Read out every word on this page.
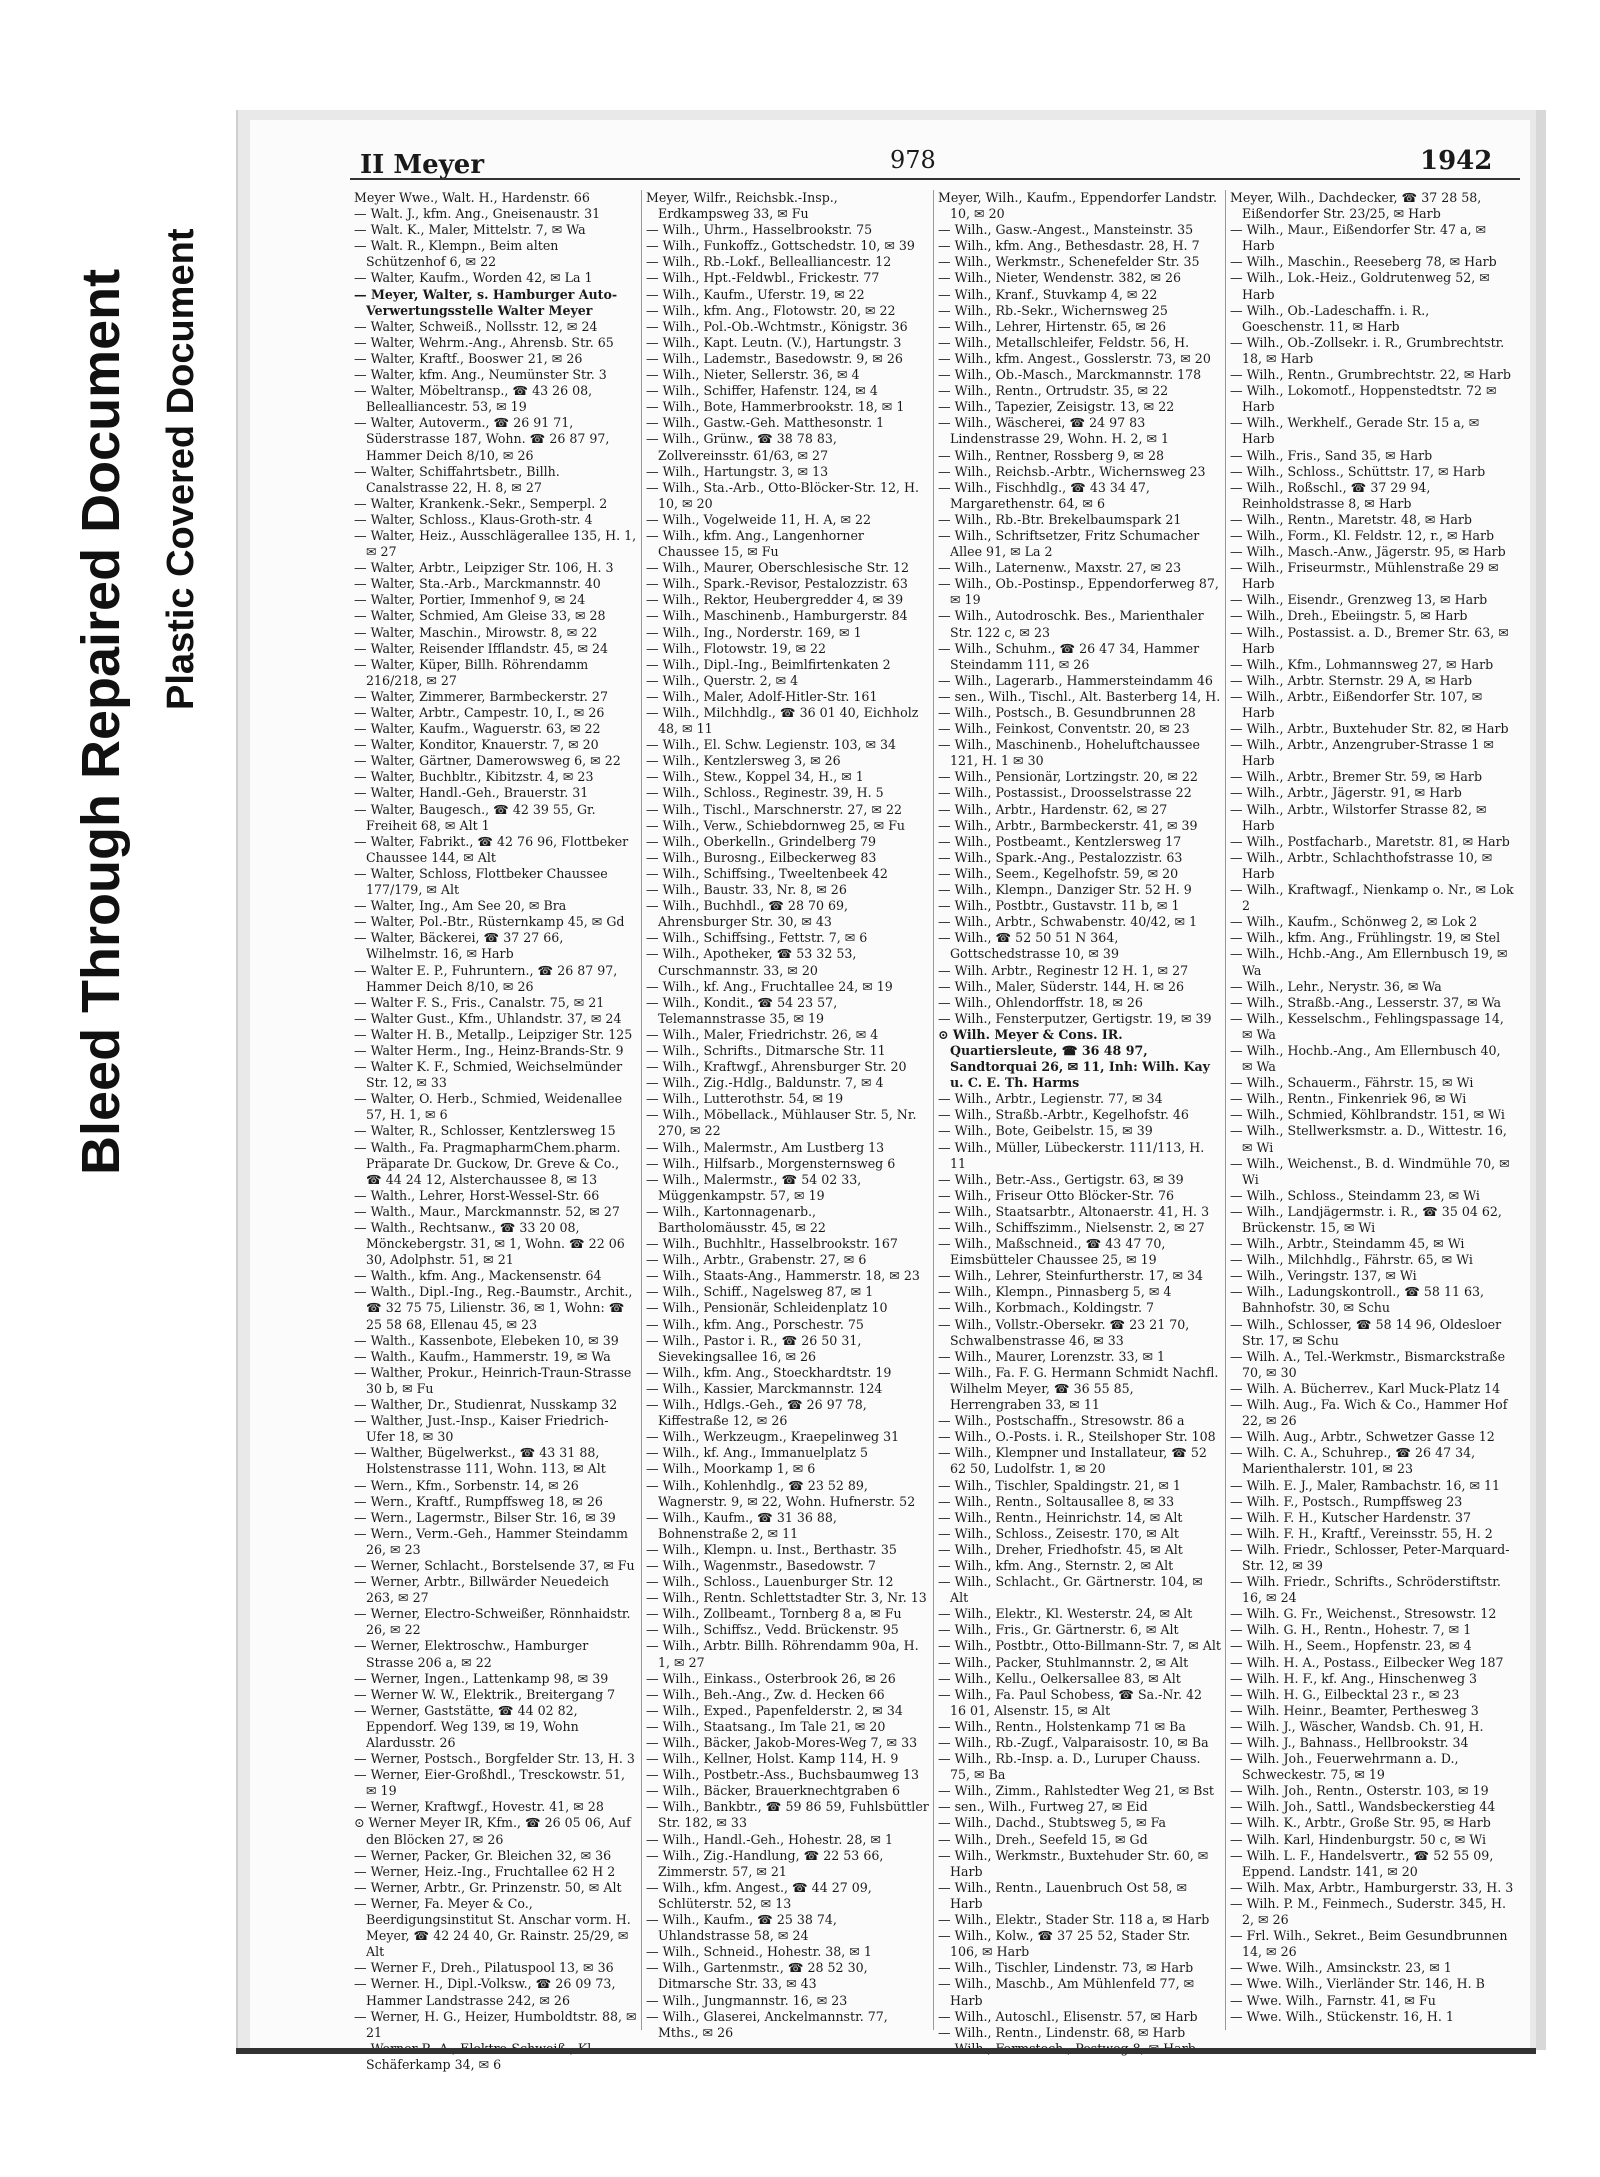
Bleed Through Repaired Document Plastic Covered Document
II Meyer	978	1942

Meyer Wwe., Walt. H., Hardenstr. 66

— Walt. J., kfm. Ang., Gneisenaustr. 31

— Walt. K., Maler, Mittelstr. 7, ✉ Wa

— Walt. R., Klempn., Beim alten Schützenhof 6, ✉ 22

— Walter, Kaufm., Worden 42, ✉ La 1

— Meyer, Walter, s. Hamburger Auto-Verwertungsstelle Walter Meyer

— Walter, Schweiß., Nollsstr. 12, ✉ 24

— Walter, Wehrm.-Ang., Ahrensb. Str. 65

— Walter, Kraftf., Booswег 21, ✉ 26

— Walter, kfm. Ang., Neumünster Str. 3

— Walter, Möbeltransp., ☎ 43 26 08, Bellealliancestr. 53, ✉ 19

— Walter, Autoverm., ☎ 26 91 71, Süderstrasse 187, Wohn. ☎ 26 87 97, Hammer Deich 8/10, ✉ 26

— Walter, Schiffahrtsbetr., Billh. Canalstrasse 22, H. 8, ✉ 27

— Walter, Krankenk.-Sekr., Semperpl. 2

— Walter, Schloss., Klaus-Groth-str. 4

— Walter, Heiz., Ausschlägerallee 135, H. 1, ✉ 27

— Walter, Arbtr., Leipziger Str. 106, H. 3

— Walter, Sta.-Arb., Marckmannstr. 40

— Walter, Portier, Immenhof 9, ✉ 24

— Walter, Schmied, Am Gleise 33, ✉ 28

— Walter, Maschin., Mirowstr. 8, ✉ 22

— Walter, Reisender Ifflandstr. 45, ✉ 24

— Walter, Küper, Billh. Röhrendamm 216/218, ✉ 27

— Walter, Zimmerer, Barmbeckerstr. 27

— Walter, Arbtr., Campestr. 10, I., ✉ 26

— Walter, Kaufm., Waguerstr. 63, ✉ 22

— Walter, Konditor, Knauerstr. 7, ✉ 20

— Walter, Gärtner, Damerowsweg 6, ✉ 22

— Walter, Buchbltr., Kibitzstr. 4, ✉ 23

— Walter, Handl.-Geh., Brauerstr. 31

— Walter, Baugesch., ☎ 42 39 55, Gr. Freiheit 68, ✉ Alt 1

— Walter, Fabrikt., ☎ 42 76 96, Flottbeker Chaussee 144, ✉ Alt

— Walter, Schloss, Flottbeker Chaussee 177/179, ✉ Alt

— Walter, Ing., Am See 20, ✉ Bra

— Walter, Pol.-Btr., Rüsternkamp 45, ✉ Gd

— Walter, Bäckerei, ☎ 37 27 66, Wilhelmstr. 16, ✉ Harb

— Walter E. P., Fuhruntern., ☎ 26 87 97, Hammer Deich 8/10, ✉ 26

— Walter F. S., Fris., Canalstr. 75, ✉ 21

— Walter Gust., Kfm., Uhlandstr. 37, ✉ 24

— Walter H. B., Metallp., Leipziger Str. 125

— Walter Herm., Ing., Heinz-Brands-Str. 9

— Walter K. F., Schmied, Weichselmünder Str. 12, ✉ 33

— Walter, O. Herb., Schmied, Weidenallee 57, H. 1, ✉ 6

— Walter, R., Schlosser, Kentzlersweg 15

— Walth., Fa. PragmapharmChem.pharm. Präparate Dr. Guckow, Dr. Greve & Co., ☎ 44 24 12, Alsterchaussee 8, ✉ 13

— Walth., Lehrer, Horst-Wessel-Str. 66

— Walth., Maur., Marckmannstr. 52, ✉ 27

— Walth., Rechtsanw., ☎ 33 20 08, Mönckebergstr. 31, ✉ 1, Wohn. ☎ 22 06 30, Adolphstr. 51, ✉ 21

— Walth., kfm. Ang., Mackensenstr. 64

— Walth., Dipl.-Ing., Reg.-Baumstr., Archit., ☎ 32 75 75, Lilienstr. 36, ✉ 1, Wohn: ☎ 25 58 68, Ellenau 45, ✉ 23

— Walth., Kassenbote, Elebeken 10, ✉ 39

— Walth., Kaufm., Hammerstr. 19, ✉ Wa

— Walther, Prokur., Heinrich-Traun-Strasse 30 b, ✉ Fu

— Walther, Dr., Studienrat, Nusskamp 32

— Walther, Just.-Insp., Kaiser Friedrich-Ufer 18, ✉ 30

— Walther, Bügelwerkst., ☎ 43 31 88, Holstenstrasse 111, Wohn. 113, ✉ Alt

— Wern., Kfm., Sorbenstr. 14, ✉ 26

— Wern., Kraftf., Rumpffsweg 18, ✉ 26

— Wern., Lagermstr., Bilser Str. 16, ✉ 39

— Wern., Verm.-Geh., Hammer Steindamm 26, ✉ 23

— Werner, Schlacht., Borstelsende 37, ✉ Fu

— Werner, Arbtr., Billwärder Neuedeich 263, ✉ 27

— Werner, Electro-Schweißer, Rönnhaidstr. 26, ✉ 22

— Werner, Elektroschw., Hamburger Strasse 206 a, ✉ 22

— Werner, Ingen., Lattenkamp 98, ✉ 39

— Werner W. W., Elektrik., Breitergang 7

— Werner, Gaststätte, ☎ 44 02 82, Eppendorf. Weg 139, ✉ 19, Wohn Alardusstr. 26

— Werner, Postsch., Borgfelder Str. 13, H. 3

— Werner, Eier-Großhdl., Tresckowstr. 51, ✉ 19

— Werner, Kraftwgf., Hovestr. 41, ✉ 28

⊙ Werner Meyer IR, Kfm., ☎ 26 05 06, Auf den Blöcken 27, ✉ 26

— Werner, Packer, Gr. Bleichen 32, ✉ 36

— Werner, Heiz.-Ing., Fruchtallee 62 H 2

— Werner, Arbtr., Gr. Prinzenstr. 50, ✉ Alt

— Werner, Fa. Meyer & Co., Beerdigungsinstitut St. Anschar vorm. H. Meyer, ☎ 42 24 40, Gr. Rainstr. 25/29, ✉ Alt

— Werner F., Dreh., Pilatuspool 13, ✉ 36

— Werner. H., Dipl.-Volksw., ☎ 26 09 73, Hammer Landstrasse 242, ✉ 26

— Werner, H. G., Heizer, Humboldtstr. 88, ✉ 21

Schäferkamp 34, ✉ 6

Meyer, Wilfr., Reichsbk.-Insp., Erdkampsweg 33, ✉ Fu

— Wilh., Uhrm., Hasselbrookstr. 75

— Wilh., Funkoffz., Gottschedstr. 10, ✉ 39

— Wilh., Rb.-Lokf., Bellealliancestr. 12

— Wilh., Hpt.-Feldwbl., Frickestr. 77

— Wilh., Kaufm., Uferstr. 19, ✉ 22

— Wilh., kfm. Ang., Flotowstr. 20, ✉ 22

— Wilh., Pol.-Ob.-Wchtmstr., Königstr. 36

— Wilh., Kapt. Leutn. (V.), Hartungstr. 3

— Wilh., Lademstr., Basedowstr. 9, ✉ 26

— Wilh., Nieter, Sellerstr. 36, ✉ 4

— Wilh., Schiffer, Hafenstr. 124, ✉ 4

— Wilh., Bote, Hammerbrookstr. 18, ✉ 1

— Wilh., Gastw.-Geh. Matthesonstr. 1

— Wilh., Grünw., ☎ 38 78 83, Zollvereinsstr. 61/63, ✉ 27

— Wilh., Hartungstr. 3, ✉ 13

— Wilh., Sta.-Arb., Otto-Blöcker-Str. 12, H. 10, ✉ 20

— Wilh., Vogelweide 11, H. A, ✉ 22

— Wilh., kfm. Ang., Langenhorner Chaussee 15, ✉ Fu

— Wilh., Maurer, Oberschlesische Str. 12

— Wilh., Spark.-Revisor, Pestalozzistr. 63

— Wilh., Rektor, Heubergredder 4, ✉ 39

— Wilh., Maschinenb., Hamburgerstr. 84

— Wilh., Ing., Norderstr. 169, ✉ 1

— Wilh., Flotowstr. 19, ✉ 22

— Wilh., Dipl.-Ing., Beimlfirtenkaten 2

— Wilh., Querstr. 2, ✉ 4

— Wilh., Maler, Adolf-Hitler-Str. 161

— Wilh., Milchhdlg., ☎ 36 01 40, Eichholz 48, ✉ 11

— Wilh., El. Schw. Legienstr. 103, ✉ 34

— Wilh., Kentzlersweg 3, ✉ 26

— Wilh., Stew., Koppel 34, H., ✉ 1

— Wilh., Schloss., Reginestr. 39, H. 5

— Wilh., Tischl., Marschnerstr. 27, ✉ 22

— Wilh., Verw., Schiebdornweg 25, ✉ Fu

— Wilh., Oberkelln., Grindelberg 79

— Wilh., Burosng., Eilbeckerweg 83

— Wilh., Schiffsing., Tweeltenbeek 42

— Wilh., Baustr. 33, Nr. 8, ✉ 26

— Wilh., Buchhdl., ☎ 28 70 69, Ahrensburger Str. 30, ✉ 43

— Wilh., Schiffsing., Fettstr. 7, ✉ 6

— Wilh., Apotheker, ☎ 53 32 53, Curschmannstr. 33, ✉ 20

— Wilh., kf. Ang., Fruchtallee 24, ✉ 19

— Wilh., Kondit., ☎ 54 23 57, Telemannstrasse 35, ✉ 19

— Wilh., Maler, Friedrichstr. 26, ✉ 4

— Wilh., Schrifts., Ditmarsche Str. 11

— Wilh., Kraftwgf., Ahrensburger Str. 20

— Wilh., Zig.-Hdlg., Baldunstr. 7, ✉ 4

— Wilh., Lutterothstr. 54, ✉ 19

— Wilh., Möbellack., Mühlauser Str. 5, Nr. 270, ✉ 22

— Wilh., Malermstr., Am Lustberg 13

— Wilh., Hilfsarb., Morgensternsweg 6

— Wilh., Malermstr., ☎ 54 02 33, Müggenkampstr. 57, ✉ 19

— Wilh., Kartonnagenarb., Bartholomäusstr. 45, ✉ 22

— Wilh., Buchhltr., Hasselbrookstr. 167

— Wilh., Arbtr., Grabenstr. 27, ✉ 6

— Wilh., Staats-Ang., Hammerstr. 18, ✉ 23

— Wilh., Schiff., Nagelsweg 87, ✉ 1

— Wilh., Pensionär, Schleidenplatz 10

— Wilh., kfm. Ang., Porschestr. 75

— Wilh., Pastor i. R., ☎ 26 50 31, Sievekingsallee 16, ✉ 26

— Wilh., kfm. Ang., Stoeckhardtstr. 19

— Wilh., Kassier, Marckmannstr. 124

— Wilh., Hdlgs.-Geh., ☎ 26 97 78, Kiffestraße 12, ✉ 26

— Wilh., Werkzeugm., Kraepelinweg 31

— Wilh., kf. Ang., Immanuelplatz 5

— Wilh., Moorkamp 1, ✉ 6

— Wilh., Kohlenhdlg., ☎ 23 52 89, Wagnerstr. 9, ✉ 22, Wohn. Hufnerstr. 52

— Wilh., Kaufm., ☎ 31 36 88, Bohnenstraße 2, ✉ 11

— Wilh., Klempn. u. Inst., Berthastr. 35

— Wilh., Wagenmstr., Basedowstr. 7

— Wilh., Schloss., Lauenburger Str. 12

— Wilh., Rentn. Schlettstadter Str. 3, Nr. 13

— Wilh., Zollbeamt., Tornberg 8 a, ✉ Fu

— Wilh., Schiffsz., Vedd. Brückenstr. 95

— Wilh., Arbtr. Billh. Röhrendamm 90a, H. 1, ✉ 27

— Wilh., Einkass., Osterbrook 26, ✉ 26

— Wilh., Beh.-Ang., Zw. d. Hecken 66

— Wilh., Exped., Papenfelderstr. 2, ✉ 34

— Wilh., Staatsang., Im Tale 21, ✉ 20

— Wilh., Bäcker, Jakob-Mores-Weg 7, ✉ 33

— Wilh., Kellner, Holst. Kamp 114, H. 9

— Wilh., Postbetr.-Ass., Buchsbaumweg 13

— Wilh., Bäcker, Brauerknechtgraben 6

— Wilh., Bankbtr., ☎ 59 86 59, Fuhlsbüttler Str. 182, ✉ 33

— Wilh., Handl.-Geh., Hohestr. 28, ✉ 1

— Wilh., Zig.-Handlung, ☎ 22 53 66, Zimmerstr. 57, ✉ 21

— Wilh., kfm. Angest., ☎ 44 27 09, Schlüterstr. 52, ✉ 13

— Wilh., Kaufm., ☎ 25 38 74, Uhlandstrasse 58, ✉ 24

— Wilh., Schneid., Hohestr. 38, ✉ 1

— Wilh., Gartenmstr., ☎ 28 52 30, Ditmarsche Str. 33, ✉ 43

— Wilh., Jungmannstr. 16, ✉ 23

— Wilh., Glaserei, Anckelmannstr. 77, Mths., ✉ 26

Meyer, Wilh., Kaufm., Eppendorfer Landstr. 10, ✉ 20

— Wilh., Gasw.-Angest., Mansteinstr. 35

— Wilh., kfm. Ang., Bethesdastr. 28, H. 7

— Wilh., Werkmstr., Schenefelder Str. 35

— Wilh., Nieter, Wendenstr. 382, ✉ 26

— Wilh., Kranf., Stuvkamp 4, ✉ 22

— Wilh., Rb.-Sekr., Wichernsweg 25

— Wilh., Lehrer, Hirtenstr. 65, ✉ 26

— Wilh., Metallschleifer, Feldstr. 56, H.

— Wilh., kfm. Angest., Gosslerstr. 73, ✉ 20

— Wilh., Ob.-Masch., Marckmannstr. 178

— Wilh., Rentn., Ortrudstr. 35, ✉ 22

— Wilh., Tapezier, Zeisigstr. 13, ✉ 22

— Wilh., Wäscherei, ☎ 24 97 83 Lindenstrasse 29, Wohn. H. 2, ✉ 1

— Wilh., Rentner, Rossberg 9, ✉ 28

— Wilh., Reichsb.-Arbtr., Wichernsweg 23

— Wilh., Fischhdlg., ☎ 43 34 47, Margarethenstr. 64, ✉ 6

— Wilh., Rb.-Btr. Brekelbaumspark 21

— Wilh., Schriftsetzer, Fritz Schumacher Allee 91, ✉ La 2

— Wilh., Laternenw., Maxstr. 27, ✉ 23

— Wilh., Ob.-Postinsp., Eppendorferweg 87, ✉ 19

— Wilh., Autodroschk. Bes., Marienthaler Str. 122 c, ✉ 23

— Wilh., Schuhm., ☎ 26 47 34, Hammer Steindamm 111, ✉ 26

— Wilh., Lagerarb., Hammersteindamm 46

— sen., Wilh., Tischl., Alt. Basterberg 14, H.

— Wilh., Postsch., B. Gesundbrunnen 28

— Wilh., Feinkost, Conventstr. 20, ✉ 23

— Wilh., Maschinenb., Hoheluftchaussee 121, H. 1 ✉ 30

— Wilh., Pensionär, Lortzingstr. 20, ✉ 22

— Wilh., Postassist., Droosselstrasse 22

— Wilh., Arbtr., Hardenstr. 62, ✉ 27

— Wilh., Arbtr., Barmbeckerstr. 41, ✉ 39

— Wilh., Postbeamt., Kentzlersweg 17

— Wilh., Spark.-Ang., Pestalozzistr. 63

— Wilh., Seem., Kegelhofstr. 59, ✉ 20

— Wilh., Klempn., Danziger Str. 52 H. 9

— Wilh., Postbtr., Gustavstr. 11 b, ✉ 1

— Wilh., Arbtr., Schwabenstr. 40/42, ✉ 1

— Wilh., ☎ 52 50 51 N 364, Gottschedstrasse 10, ✉ 39

— Wilh. Arbtr., Reginestr 12 H. 1, ✉ 27

— Wilh., Maler, Süderstr. 144, H. ✉ 26

— Wilh., Ohlendorffstr. 18, ✉ 26

— Wilh., Fensterputzer, Gertigstr. 19, ✉ 39

⊙ Wilh. Meyer & Cons. IR. Quartiersleute, ☎ 36 48 97, Sandtorquai 26, ✉ 11, Inh: Wilh. Kay u. C. E. Th. Harms

— Wilh., Arbtr., Legienstr. 77, ✉ 34

— Wilh., Straßb.-Arbtr., Kegelhofstr. 46

— Wilh., Bote, Geibelstr. 15, ✉ 39

— Wilh., Müller, Lübeckerstr. 111/113, H. 11

— Wilh., Betr.-Ass., Gertigstr. 63, ✉ 39

— Wilh., Friseur Otto Blöcker-Str. 76

— Wilh., Staatsarbtr., Altonaerstr. 41, H. 3

— Wilh., Schiffszimm., Nielsenstr. 2, ✉ 27

— Wilh., Maßschneid., ☎ 43 47 70, Eimsbütteler Chaussee 25, ✉ 19

— Wilh., Lehrer, Steinfurtherstr. 17, ✉ 34

— Wilh., Klempn., Pinnasberg 5, ✉ 4

— Wilh., Korbmach., Koldingstr. 7

— Wilh., Vollstr.-Obersekr. ☎ 23 21 70, Schwalbenstrasse 46, ✉ 33

— Wilh., Maurer, Lorenzstr. 33, ✉ 1

— Wilh., Fa. F. G. Hermann Schmidt Nachfl. Wilhelm Meyer, ☎ 36 55 85, Herrengraben 33, ✉ 11

— Wilh., Postschaffn., Stresowstr. 86 a

— Wilh., O.-Posts. i. R., Steilshoper Str. 108

— Wilh., Klempner und Installateur, ☎ 52 62 50, Ludolfstr. 1, ✉ 20

— Wilh., Tischler, Spaldingstr. 21, ✉ 1

— Wilh., Rentn., Soltausallee 8, ✉ 33

— Wilh., Rentn., Heinrichstr. 14, ✉ Alt

— Wilh., Schloss., Zeisestr. 170, ✉ Alt

— Wilh., Dreher, Friedhofstr. 45, ✉ Alt

— Wilh., kfm. Ang., Sternstr. 2, ✉ Alt

— Wilh., Schlacht., Gr. Gärtnerstr. 104, ✉ Alt

— Wilh., Elektr., Kl. Westerstr. 24, ✉ Alt

— Wilh., Fris., Gr. Gärtnerstr. 6, ✉ Alt

— Wilh., Postbtr., Otto-Billmann-Str. 7, ✉ Alt

— Wilh., Packer, Stuhlmannstr. 2, ✉ Alt

— Wilh., Kellu., Oelkersallee 83, ✉ Alt

— Wilh., Fa. Paul Schobess, ☎ Sa.-Nr. 42 16 01, Alsenstr. 15, ✉ Alt

— Wilh., Rentn., Holstenkamp 71 ✉ Ba

— Wilh., Rb.-Zugf., Valparaisostr. 10, ✉ Ba

— Wilh., Rb.-Insp. a. D., Luruper Chauss. 75, ✉ Ba

— Wilh., Zimm., Rahlstedter Weg 21, ✉ Bst

— sen., Wilh., Furtweg 27, ✉ Eid

— Wilh., Dachd., Stubtsweg 5, ✉ Fa

— Wilh., Dreh., Seefeld 15, ✉ Gd

— Wilh., Werkmstr., Buxtehuder Str. 60, ✉ Harb

— Wilh., Rentn., Lauenbruch Ost 58, ✉ Harb

— Wilh., Elektr., Stader Str. 118 a, ✉ Harb

— Wilh., Kolw., ☎ 37 25 52, Stader Str. 106, ✉ Harb

— Wilh., Tischler, Lindenstr. 73, ✉ Harb

— Wilh., Maschb., Am Mühlenfeld 77, ✉ Harb

— Wilh., Autoschl., Elisenstr. 57, ✉ Harb

— Wilh., Rentn., Lindenstr. 68, ✉ Harb

Meyer, Wilh., Dachdecker, ☎ 37 28 58, Eißendorfer Str. 23/25, ✉ Harb

— Wilh., Maur., Eißendorfer Str. 47 a, ✉ Harb

— Wilh., Maschin., Reeseberg 78, ✉ Harb

— Wilh., Lok.-Heiz., Goldrutenweg 52, ✉ Harb

— Wilh., Ob.-Ladeschaffn. i. R., Goeschenstr. 11, ✉ Harb

— Wilh., Ob.-Zollsekr. i. R., Grumbrechtstr. 18, ✉ Harb

— Wilh., Rentn., Grumbrechtstr. 22, ✉ Harb

— Wilh., Lokomotf., Hoppenstedtstr. 72 ✉ Harb

— Wilh., Werkhelf., Gerade Str. 15 a, ✉ Harb

— Wilh., Fris., Sand 35, ✉ Harb

— Wilh., Schloss., Schüttstr. 17, ✉ Harb

— Wilh., Roßschl., ☎ 37 29 94, Reinholdstrasse 8, ✉ Harb

— Wilh., Rentn., Maretstr. 48, ✉ Harb

— Wilh., Form., Kl. Feldstr. 12, r., ✉ Harb

— Wilh., Masch.-Anw., Jägerstr. 95, ✉ Harb

— Wilh., Friseurmstr., Mühlenstraße 29 ✉ Harb

— Wilh., Eisendr., Grenzweg 13, ✉ Harb

— Wilh., Dreh., Ebeiingstr. 5, ✉ Harb

— Wilh., Postassist. a. D., Bremer Str. 63, ✉ Harb

— Wilh., Kfm., Lohmannsweg 27, ✉ Harb

— Wilh., Arbtr. Sternstr. 29 A, ✉ Harb

— Wilh., Arbtr., Eißendorfer Str. 107, ✉ Harb

— Wilh., Arbtr., Buxtehuder Str. 82, ✉ Harb

— Wilh., Arbtr., Anzengruber-Strasse 1 ✉ Harb

— Wilh., Arbtr., Bremer Str. 59, ✉ Harb

— Wilh., Arbtr., Jägerstr. 91, ✉ Harb

— Wilh., Arbtr., Wilstorfer Strasse 82, ✉ Harb

— Wilh., Postfacharb., Maretstr. 81, ✉ Harb

— Wilh., Arbtr., Schlachthofstrasse 10, ✉ Harb

— Wilh., Kraftwagf., Nienkamp o. Nr., ✉ Lok 2

— Wilh., Kaufm., Schönweg 2, ✉ Lok 2

— Wilh., kfm. Ang., Frühlingstr. 19, ✉ Stel

— Wilh., Hchb.-Ang., Am Ellernbusch 19, ✉ Wa

— Wilh., Lehr., Nerystr. 36, ✉ Wa

— Wilh., Straßb.-Ang., Lesserstr. 37, ✉ Wa

— Wilh., Kesselschm., Fehlingspassage 14, ✉ Wa

— Wilh., Hochb.-Ang., Am Ellernbusch 40, ✉ Wa

— Wilh., Schauerm., Fährstr. 15, ✉ Wi

— Wilh., Rentn., Finkenriek 96, ✉ Wi

— Wilh., Schmied, Köhlbrandstr. 151, ✉ Wi

— Wilh., Stellwerksmstr. a. D., Wittestr. 16, ✉ Wi

— Wilh., Weichenst., B. d. Windmühle 70, ✉ Wi

— Wilh., Schloss., Steindamm 23, ✉ Wi

— Wilh., Landjägermstr. i. R., ☎ 35 04 62, Brückenstr. 15, ✉ Wi

— Wilh., Arbtr., Steindamm 45, ✉ Wi

— Wilh., Milchhdlg., Fährstr. 65, ✉ Wi

— Wilh., Veringstr. 137, ✉ Wi

— Wilh., Ladungskontroll., ☎ 58 11 63, Bahnhofstr. 30, ✉ Schu

— Wilh., Schlosser, ☎ 58 14 96, Oldesloer Str. 17, ✉ Schu

— Wilh. A., Tel.-Werkmstr., Bismarckstraße 70, ✉ 30

— Wilh. A. Bücherrev., Karl Muck-Platz 14

— Wilh. Aug., Fa. Wich & Co., Hammer Hof 22, ✉ 26

— Wilh. Aug., Arbtr., Schwetzer Gasse 12

— Wilh. C. A., Schuhrep., ☎ 26 47 34, Marienthalerstr. 101, ✉ 23

— Wilh. E. J., Maler, Rambachstr. 16, ✉ 11

— Wilh. F., Postsch., Rumpffsweg 23

— Wilh. F. H., Kutscher Hardenstr. 37

— Wilh. F. H., Kraftf., Vereinsstr. 55, H. 2

— Wilh. Friedr., Schlosser, Peter-Marquard-Str. 12, ✉ 39

— Wilh. Friedr., Schrifts., Schröderstiftstr. 16, ✉ 24

— Wilh. G. Fr., Weichenst., Stresowstr. 12

— Wilh. G. H., Rentn., Hohestr. 7, ✉ 1

— Wilh. H., Seem., Hopfenstr. 23, ✉ 4

— Wilh. H. A., Postass., Eilbecker Weg 187

— Wilh. H. F., kf. Ang., Hinschenweg 3

— Wilh. H. G., Eilbecktal 23 r., ✉ 23

— Wilh. Heinr., Beamter, Perthesweg 3

— Wilh. J., Wäscher, Wandsb. Ch. 91, H.

— Wilh. J., Bahnass., Hellbrookstr. 34

— Wilh. Joh., Feuerwehrmann a. D., Schweckestr. 75, ✉ 19

— Wilh. Joh., Rentn., Osterstr. 103, ✉ 19

— Wilh. Joh., Sattl., Wandsbeckerstieg 44

— Wilh. K., Arbtr., Große Str. 95, ✉ Harb

— Wilh. Karl, Hindenburgstr. 50 c, ✉ Wi

— Wilh. L. F., Handelsvertr., ☎ 52 55 09, Eppend. Landstr. 141, ✉ 20

— Wilh. Max, Arbtr., Hamburgerstr. 33, H. 3

— Wilh. P. M., Feinmech., Suderstr. 345, H. 2, ✉ 26

— Frl. Wilh., Sekret., Beim Gesundbrunnen 14, ✉ 26

— Wwe. Wilh., Amsinckstr. 23, ✉ 1

— Wwe. Wilh., Vierländer Str. 146, H. B

— Wwe. Wilh., Farnstr. 41, ✉ Fu

— Wwe. Wilh., Stückenstr. 16, H. 1
